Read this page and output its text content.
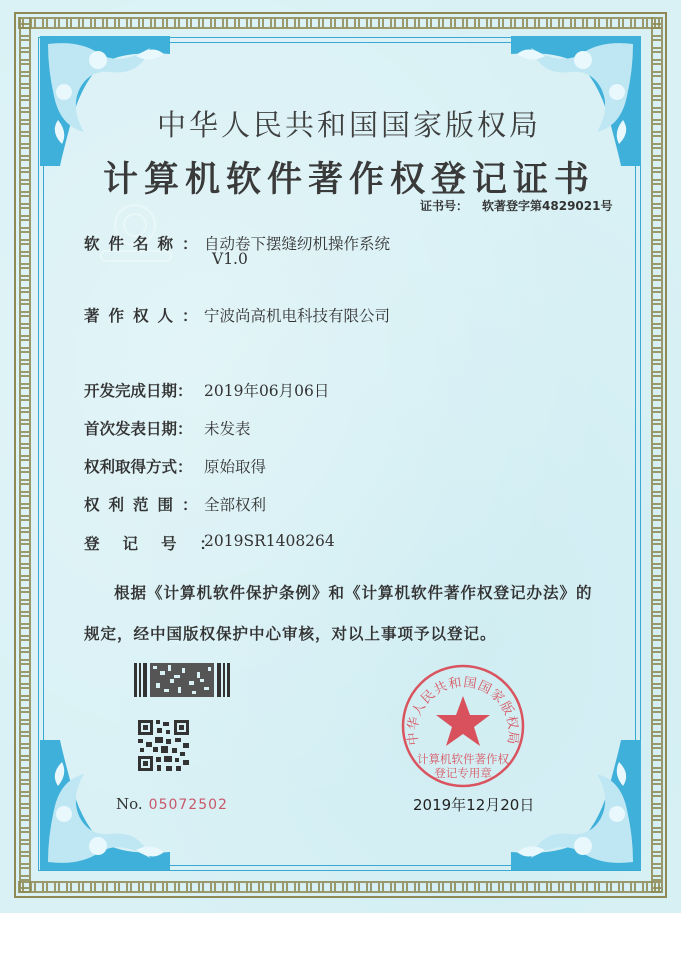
中华人民共和国国家版权局
计算机软件著作权登记证书
证书号： 软著登字第4829021号
软件名称：自动卷下摆缝纫机操作系统
V1.0
著作权人：宁波尚高机电科技有限公司
开发完成日期： 2019年06月06日
首次发表日期： 未发表
权利取得方式： 原始取得
权利范围：全部权利
登记号：2019SR1408264
根据《计算机软件保护条例》和《计算机软件著作权登记办法》的
规定，经中国版权保护中心审核，对以上事项予以登记。
No. 05072502
中华人民共和国国家版权局
计算机软件著作权
登记专用章
2019年12月20日
